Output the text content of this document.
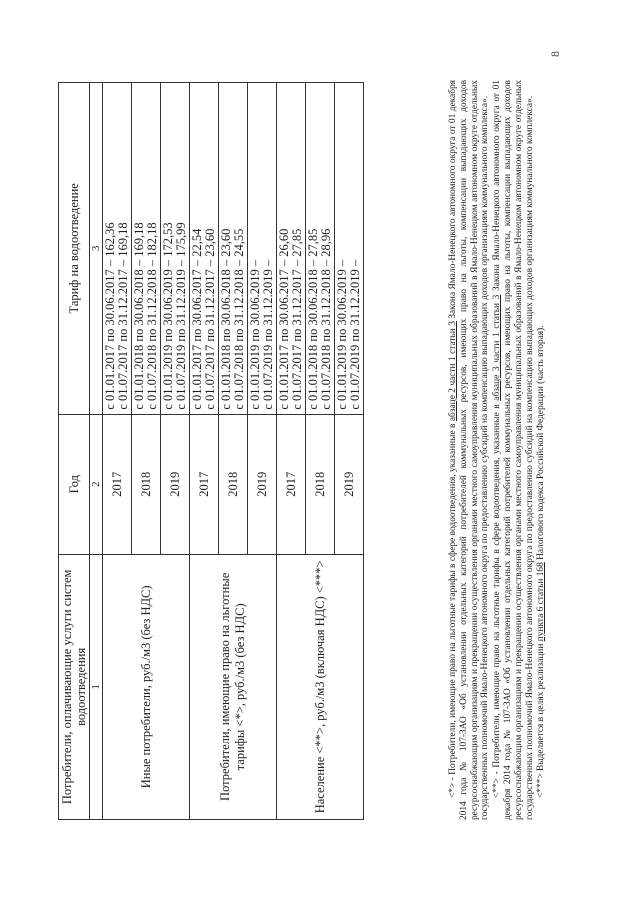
8
Потребители, оплачивающие услуги систем водоотведения	Год	Тариф на водоотведение
1	2	3
Иные потребители, руб./м3 (без НДС)	2017	с 01.01.2017 по 30.06.2017 – 162,36 с 01.07.2017 по 31.12.2017 – 169,18

	2018	с 01.01.2018 по 30.06.2018 – 169,18 с 01.07.2018 по 31.12.2018 – 182,18

	2019	с 01.01.2019 по 30.06.2019 – 172,53 с 01.07.2019 по 31.12.2019 – 175,99

Потребители, имеющие право на льготные тарифы <*>, руб./м3 (без НДС)	2017	с 01.01.2017 по 30.06.2017 – 22,54 с 01.07.2017 по 31.12.2017 – 23,60

	2018	с 01.01.2018 по 30.06.2018 – 23,60 с 01.07.2018 по 31.12.2018 – 24,55

	2019	с 01.01.2019 по 30.06.2019 – с 01.07.2019 по 31.12.2019 –

Население <**>, руб./м3 (включая НДС) <***>	2017	с 01.01.2017 по 30.06.2017 – 26,60 с 01.07.2017 по 31.12.2017 – 27,85

	2018	с 01.01.2018 по 30.06.2018 – 27,85 с 01.07.2018 по 31.12.2018 – 28,96

	2019	с 01.01.2019 по 30.06.2019 – с 01.07.2019 по 31.12.2019 –

<*> - Потребители, имеющие право на льготные тарифы в сфере водоотведения, указанные в абзаце 2 части 1 статьи 3 Закона Ямало-Ненецкого автономного округа от 01 декабря 2014 года № 107-ЗАО «Об установлении отдельных категорий потребителей коммунальных ресурсов, имеющих право на льготы, компенсации выпадающих доходов ресурсоснабжающим организациям и прекращении осуществления органами местного самоуправления муниципальных образований в Ямало-Ненецком автономном округе отдельных государственных полномочий Ямало-Ненецкого автономного округа по предоставлению субсидий на компенсацию выпадающих доходов организациям коммунального комплекса». <**> - Потребители, имеющие право на льготные тарифы в сфере водоотведения, указанные в абзаце 3 части 1 статьи 3 Закона Ямало-Ненецкого автономного округа от 01 декабря 2014 года № 107-ЗАО «Об установлении отдельных категорий потребителей коммунальных ресурсов, имеющих право на льготы, компенсации выпадающих доходов ресурсоснабжающим организациям и прекращении осуществления органами местного самоуправления муниципальных образований в Ямало-Ненецком автономном округе отдельных государственных полномочий Ямало-Ненецкого автономного округа по предоставлению субсидий на компенсацию выпадающих доходов организациям коммунального комплекса». <***> Выделяется в целях реализации пункта 6 статьи 168 Налогового кодекса Российской Федерации (часть вторая).
